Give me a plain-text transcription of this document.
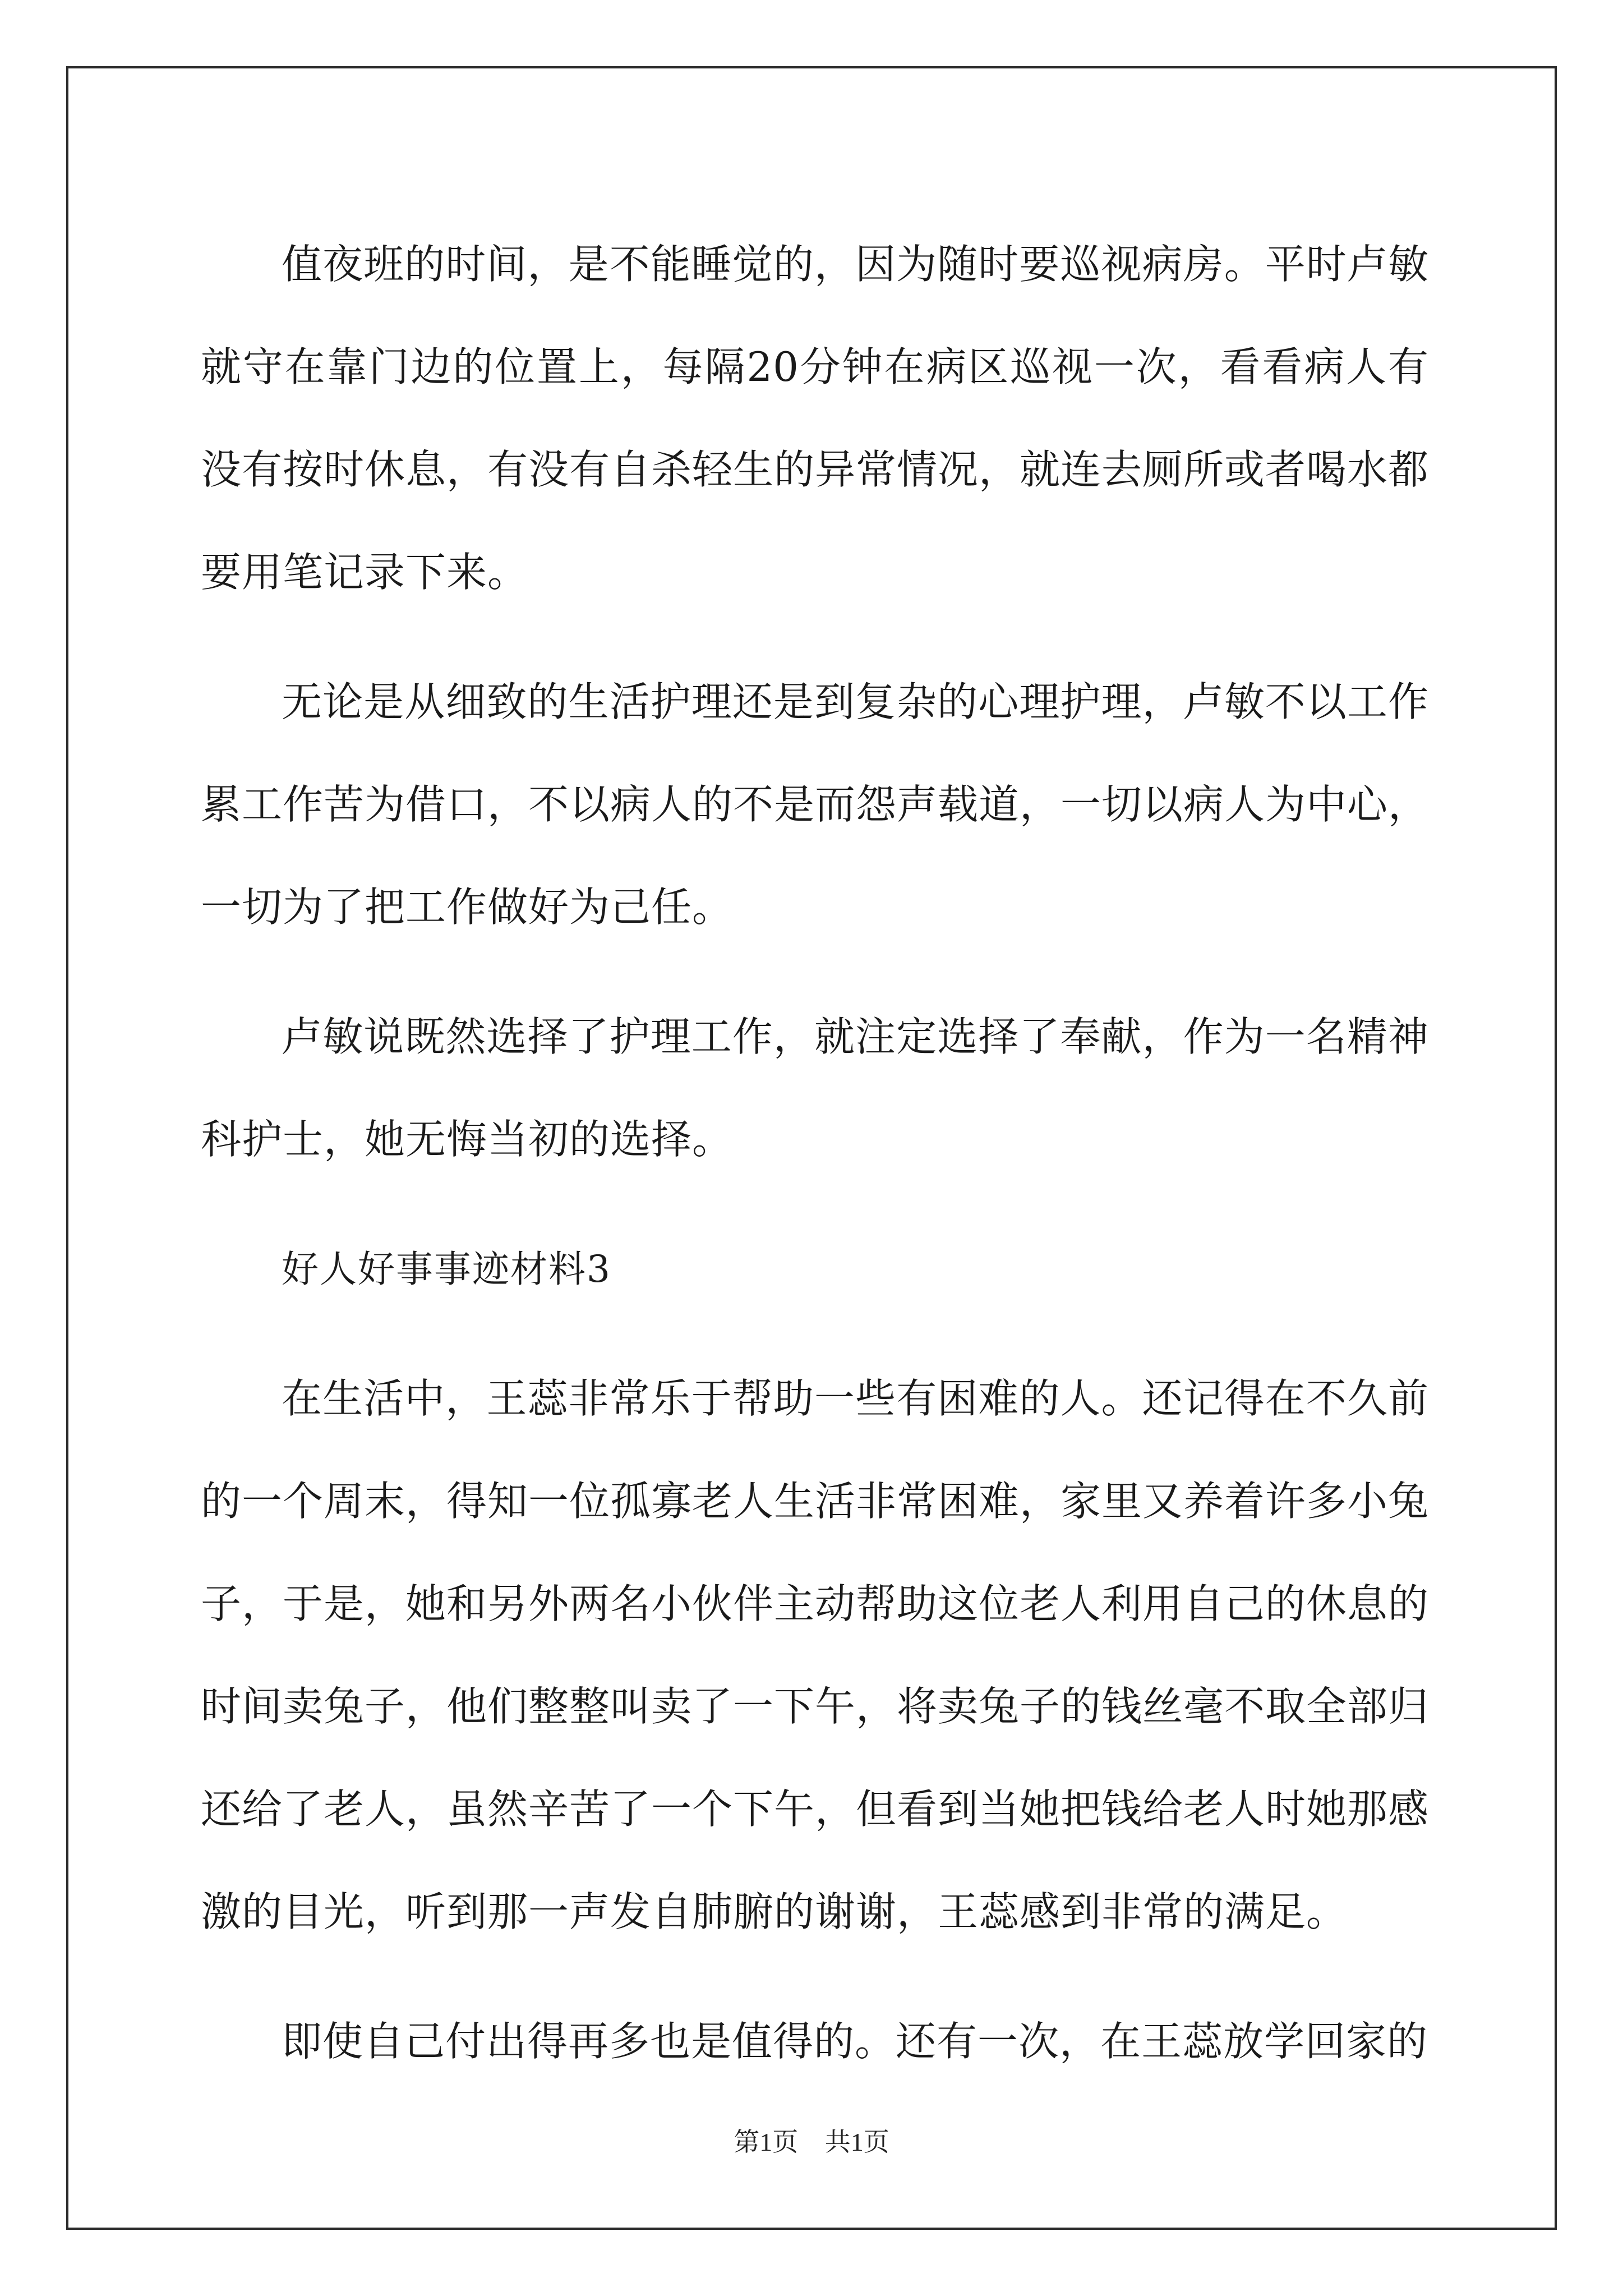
值夜班的时间，是不能睡觉的，因为随时要巡视病房。平时卢敏就守在靠门边的位置上，每隔20分钟在病区巡视一次，看看病人有没有按时休息，有没有自杀轻生的异常情况，就连去厕所或者喝水都要用笔记录下来。

无论是从细致的生活护理还是到复杂的心理护理，卢敏不以工作累工作苦为借口，不以病人的不是而怨声载道，一切以病人为中心，一切为了把工作做好为己任。

卢敏说既然选择了护理工作，就注定选择了奉献，作为一名精神科护士，她无悔当初的选择。

好人好事事迹材料3

在生活中，王蕊非常乐于帮助一些有困难的人。还记得在不久前的一个周末，得知一位孤寡老人生活非常困难，家里又养着许多小兔子，于是，她和另外两名小伙伴主动帮助这位老人利用自己的休息的时间卖兔子，他们整整叫卖了一下午，将卖兔子的钱丝毫不取全部归还给了老人，虽然辛苦了一个下午，但看到当她把钱给老人时她那感激的目光，听到那一声发自肺腑的谢谢，王蕊感到非常的满足。

即使自己付出得再多也是值得的。还有一次，在王蕊放学回家的

第1页 共1页
